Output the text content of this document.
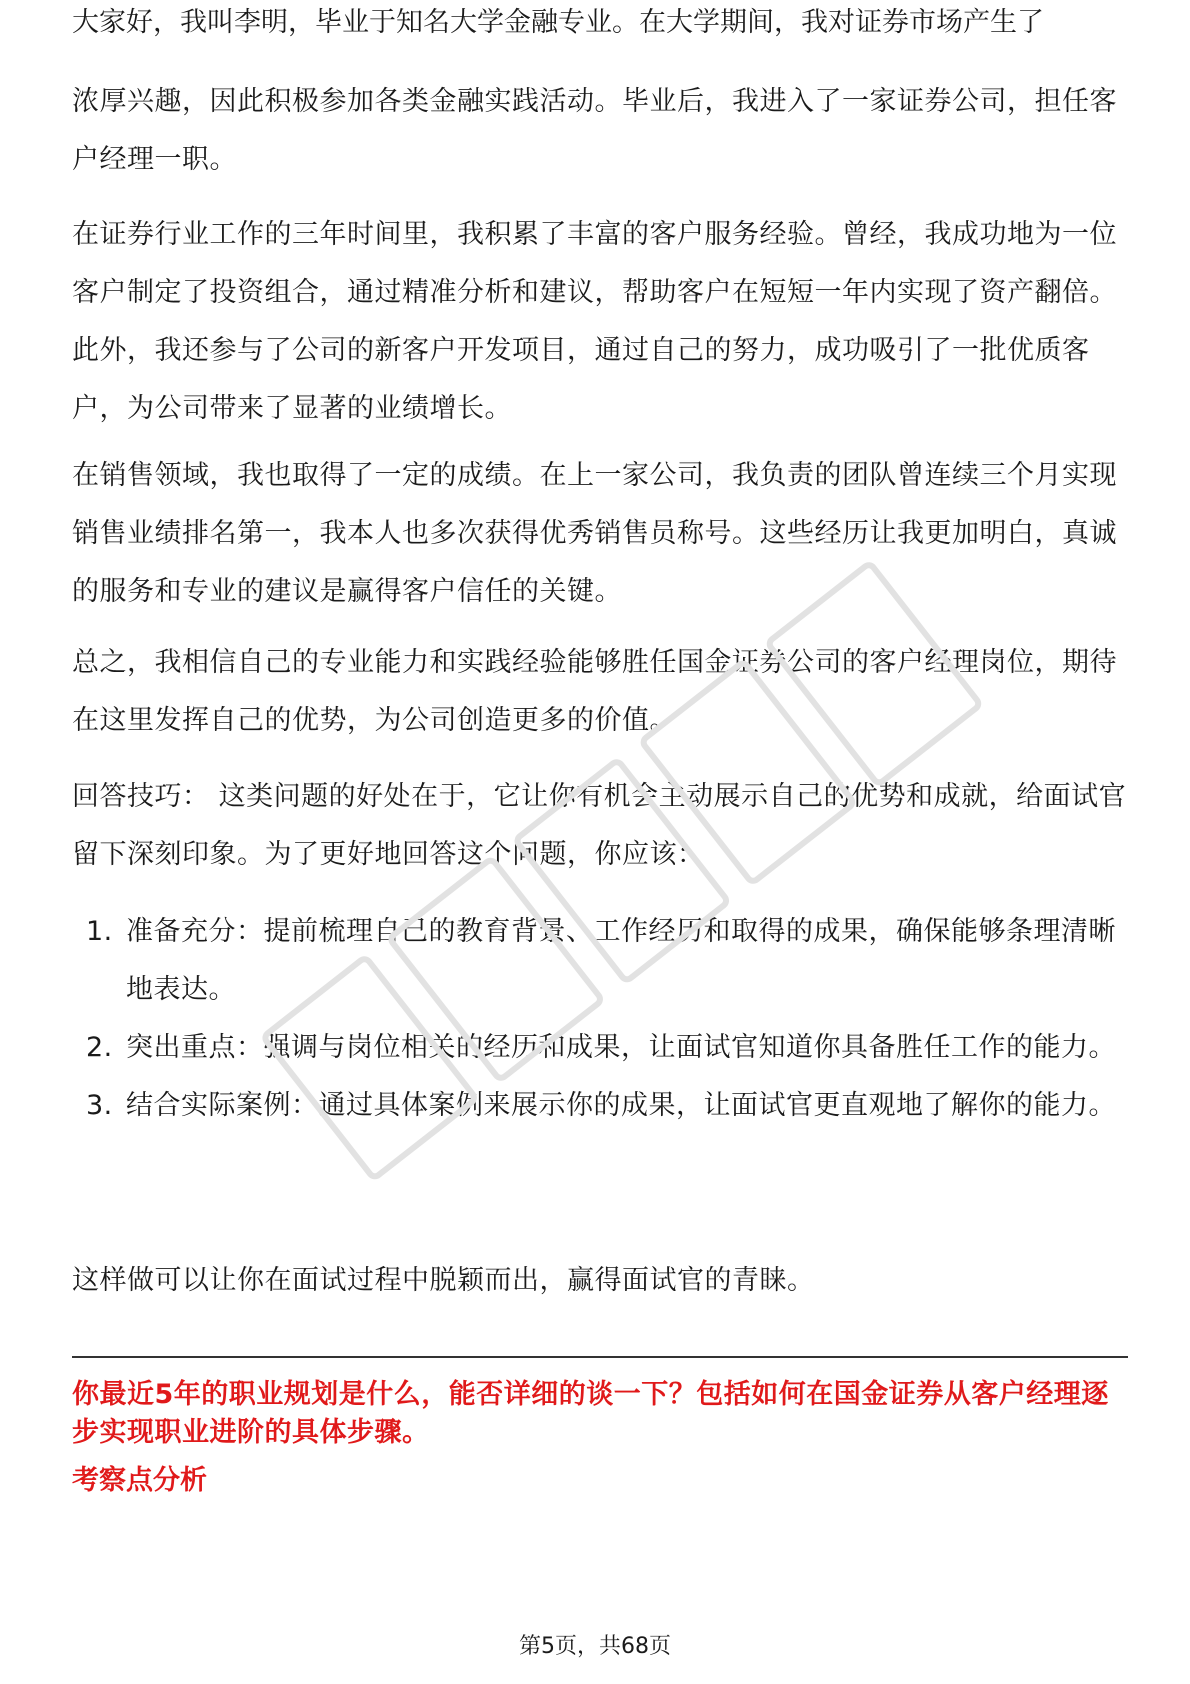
大家好，我叫李明，毕业于知名大学金融专业。在大学期间，我对证券市场产生了

浓厚兴趣，因此积极参加各类金融实践活动。毕业后，我进入了一家证券公司，担任客户经理一职。

在证券行业工作的三年时间里，我积累了丰富的客户服务经验。曾经，我成功地为一位客户制定了投资组合，通过精准分析和建议，帮助客户在短短一年内实现了资产翻倍。此外，我还参与了公司的新客户开发项目，通过自己的努力，成功吸引了一批优质客户，为公司带来了显著的业绩增长。

在销售领域，我也取得了一定的成绩。在上一家公司，我负责的团队曾连续三个月实现销售业绩排名第一，我本人也多次获得优秀销售员称号。这些经历让我更加明白，真诚的服务和专业的建议是赢得客户信任的关键。

总之，我相信自己的专业能力和实践经验能够胜任国金证券公司的客户经理岗位，期待在这里发挥自己的优势，为公司创造更多的价值。

回答技巧： 这类问题的好处在于，它让你有机会主动展示自己的优势和成就，给面试官留下深刻印象。为了更好地回答这个问题，你应该：

1. 准备充分：提前梳理自己的教育背景、工作经历和取得的成果，确保能够条理清晰地表达。
2. 突出重点：强调与岗位相关的经历和成果，让面试官知道你具备胜任工作的能力。
3. 结合实际案例：通过具体案例来展示你的成果，让面试官更直观地了解你的能力。

这样做可以让你在面试过程中脱颖而出，赢得面试官的青睐。

你最近5年的职业规划是什么，能否详细的谈一下？包括如何在国金证券从客户经理逐步实现职业进阶的具体步骤。
考察点分析
第5页，共68页
